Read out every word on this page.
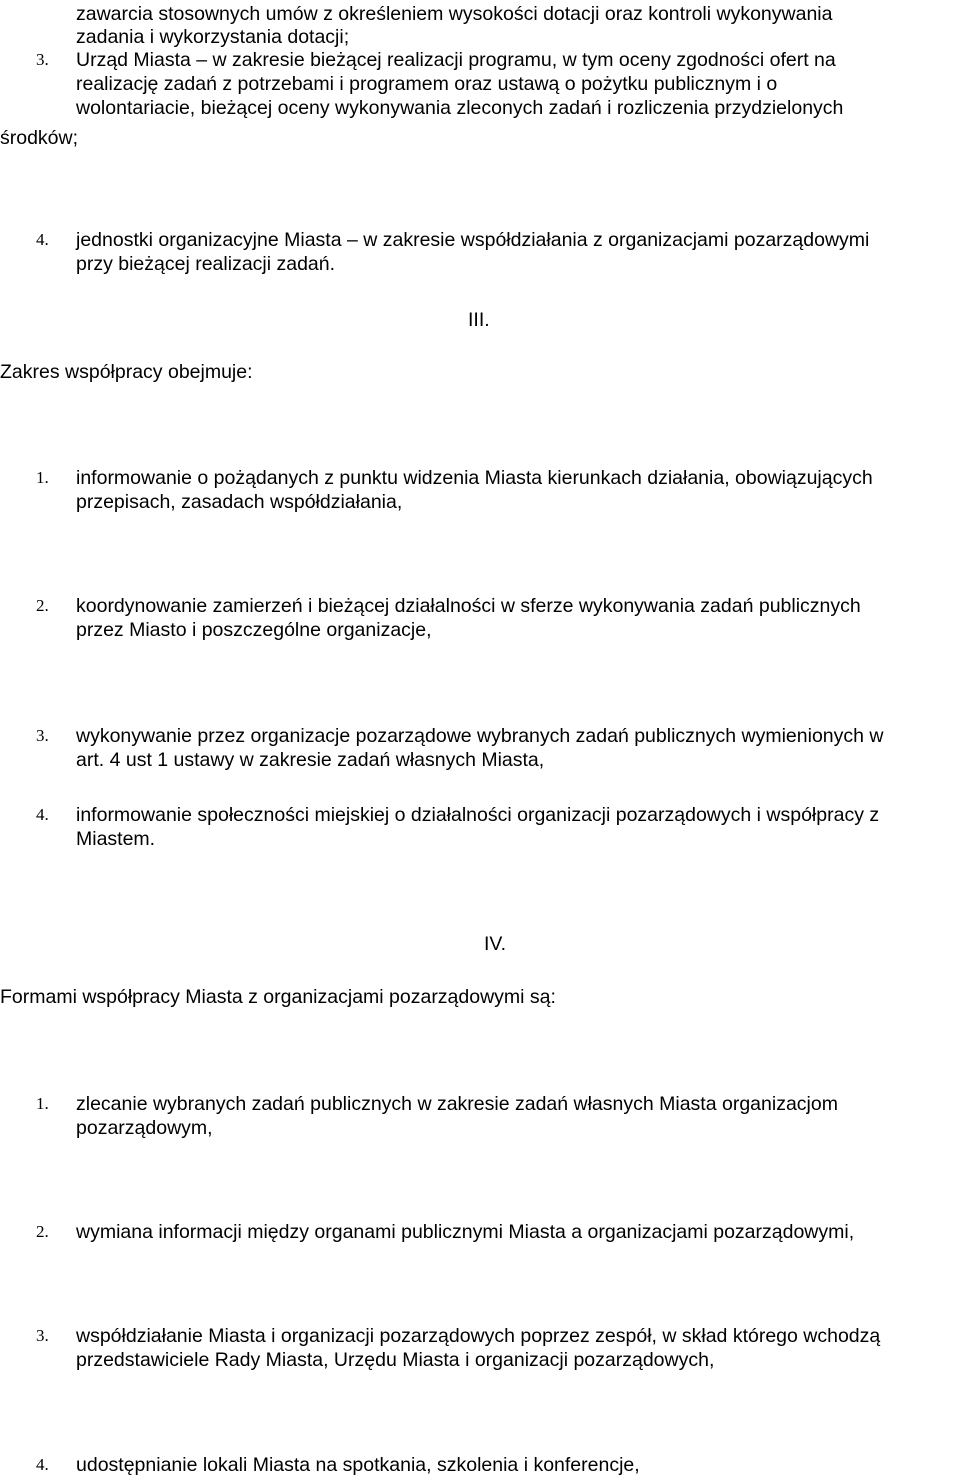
zawarcia stosownych umów z określeniem wysokości dotacji oraz kontroli wykonywania
zadania i wykorzystania dotacji;
3. Urząd Miasta – w zakresie bieżącej realizacji programu, w tym oceny zgodności ofert na
realizację zadań z potrzebami i programem oraz ustawą o pożytku publicznym i o
wolontariacie, bieżącej oceny wykonywania zleconych zadań i rozliczenia przydzielonych
środków;
4. jednostki organizacyjne Miasta – w zakresie współdziałania z organizacjami pozarządowymi
przy bieżącej realizacji zadań.
III.
Zakres współpracy obejmuje:
1. informowanie o pożądanych z punktu widzenia Miasta kierunkach działania, obowiązujących
przepisach, zasadach współdziałania,
2. koordynowanie zamierzeń i bieżącej działalności w sferze wykonywania zadań publicznych
przez Miasto i poszczególne organizacje,
3. wykonywanie przez organizacje pozarządowe wybranych zadań publicznych wymienionych w
art. 4 ust 1 ustawy w zakresie zadań własnych Miasta,
4. informowanie społeczności miejskiej o działalności organizacji pozarządowych i współpracy z
Miastem.
IV.
Formami współpracy Miasta z organizacjami pozarządowymi są:
1. zlecanie wybranych zadań publicznych w zakresie zadań własnych Miasta organizacjom
pozarządowym,
2. wymiana informacji między organami publicznymi Miasta a organizacjami pozarządowymi,
3. współdziałanie Miasta i organizacji pozarządowych poprzez zespół, w skład którego wchodzą
przedstawiciele Rady Miasta, Urzędu Miasta i organizacji pozarządowych,
4. udostępnianie lokali Miasta na spotkania, szkolenia i konferencje,
